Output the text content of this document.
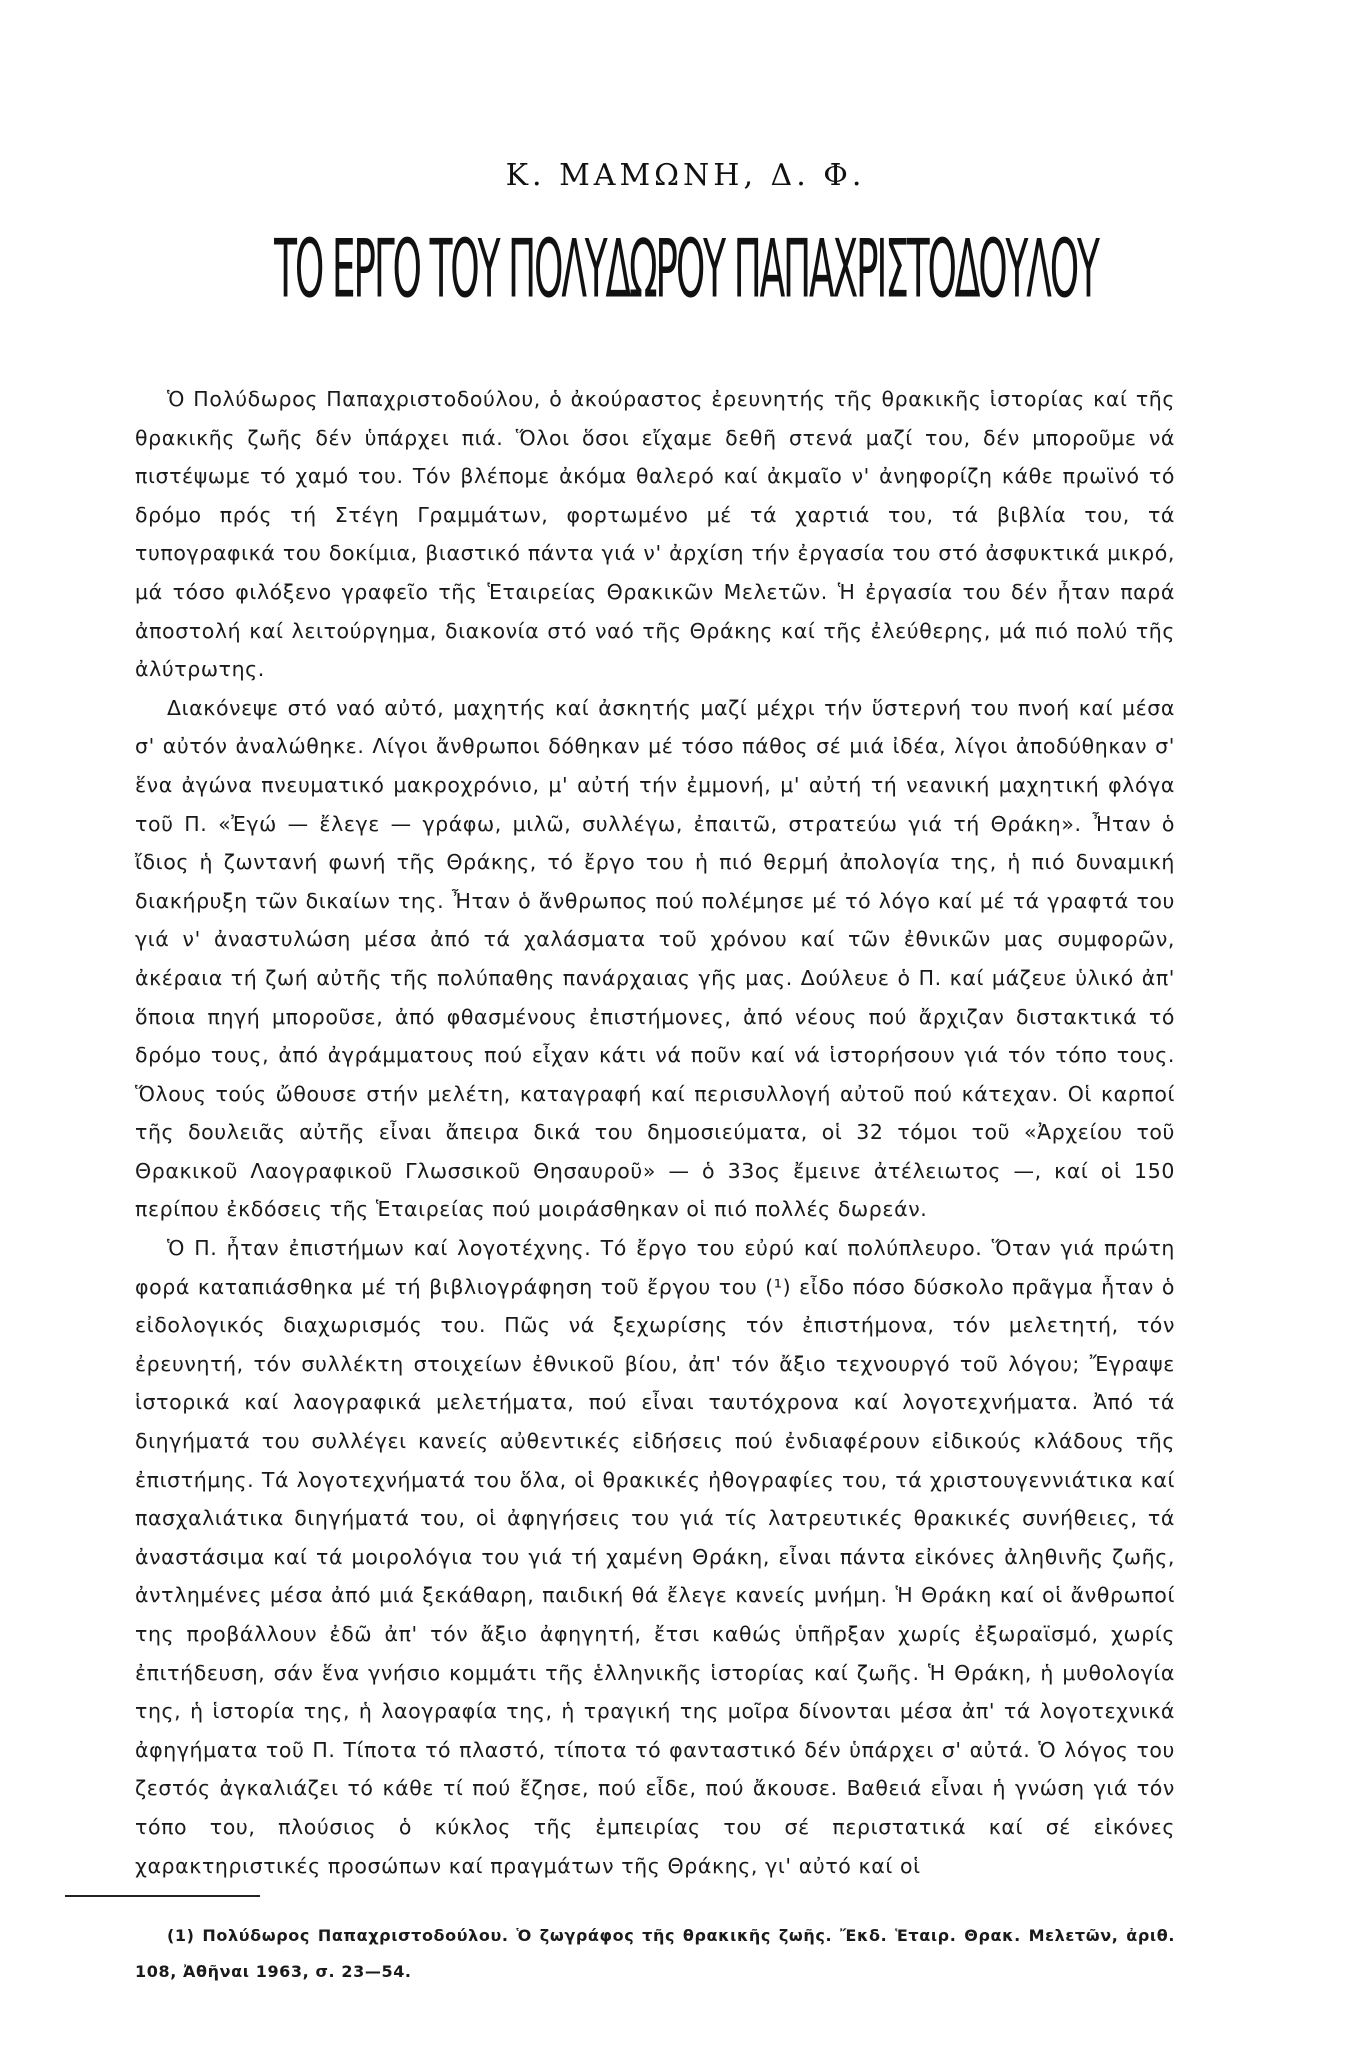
Κ. ΜΑΜΩΝΗ, Δ. Φ.
ΤΟ ΕΡΓΟ ΤΟΥ ΠΟΛΥΔΩΡΟΥ ΠΑΠΑΧΡΙΣΤΟΔΟΥΛΟΥ

Ὁ Πολύδωρος Παπαχριστοδούλου, ὁ ἀκούραστος ἐρευνητής τῆς θρακικῆς ἱστορίας καί τῆς θρακικῆς ζωῆς δέν ὑπάρχει πιά. Ὅλοι ὅσοι εἴχαμε δεθῆ στενά μαζί του, δέν μποροῦμε νά πιστέψωμε τό χαμό του. Τόν βλέπομε ἀκόμα θαλερό καί ἀκμαῖο ν' ἀνηφορίζη κάθε πρωϊνό τό δρόμο πρός τή Στέγη Γραμμάτων, φορτωμένο μέ τά χαρτιά του, τά βιβλία του, τά τυπογραφικά του δοκίμια, βιαστικό πάντα γιά ν' ἀρχίση τήν ἐργασία του στό ἀσφυκτικά μικρό, μά τόσο φιλόξενο γραφεῖο τῆς Ἑταιρείας Θρακικῶν Μελετῶν. Ἡ ἐργασία του δέν ἦταν παρά ἀποστολή καί λειτούργημα, διακονία στό ναό τῆς Θράκης καί τῆς ἐλεύθερης, μά πιό πολύ τῆς ἀλύτρωτης.

Διακόνεψε στό ναό αὐτό, μαχητής καί ἀσκητής μαζί μέχρι τήν ὕστερνή του πνοή καί μέσα σ' αὐτόν ἀναλώθηκε. Λίγοι ἄνθρωποι δόθηκαν μέ τόσο πάθος σέ μιά ἰδέα, λίγοι ἀποδύθηκαν σ' ἕνα ἀγώνα πνευματικό μακροχρόνιο, μ' αὐτή τήν ἐμμονή, μ' αὐτή τή νεανική μαχητική φλόγα τοῦ Π. «Ἐγώ — ἔλεγε — γράφω, μιλῶ, συλλέγω, ἐπαιτῶ, στρατεύω γιά τή Θράκη». Ἦταν ὁ ἴδιος ἡ ζωντανή φωνή τῆς Θράκης, τό ἔργο του ἡ πιό θερμή ἀπολογία της, ἡ πιό δυναμική διακήρυξη τῶν δικαίων της. Ἦταν ὁ ἄνθρωπος πού πολέμησε μέ τό λόγο καί μέ τά γραφτά του γιά ν' ἀναστυλώση μέσα ἀπό τά χαλάσματα τοῦ χρόνου καί τῶν ἐθνικῶν μας συμφορῶν, ἀκέραια τή ζωή αὐτῆς τῆς πολύπαθης πανάρχαιας γῆς μας. Δούλευε ὁ Π. καί μάζευε ὑλικό ἀπ' ὅποια πηγή μποροῦσε, ἀπό φθασμένους ἐπιστήμονες, ἀπό νέους πού ἄρχιζαν διστακτικά τό δρόμο τους, ἀπό ἀγράμματους πού εἶχαν κάτι νά ποῦν καί νά ἱστορήσουν γιά τόν τόπο τους. Ὅλους τούς ὤθουσε στήν μελέτη, καταγραφή καί περισυλλογή αὐτοῦ πού κάτεχαν. Οἱ καρποί τῆς δουλειᾶς αὐτῆς εἶναι ἄπειρα δικά του δημοσιεύματα, οἱ 32 τόμοι τοῦ «Ἀρχείου τοῦ Θρακικοῦ Λαογραφικοῦ Γλωσσικοῦ Θησαυροῦ» — ὁ 33ος ἔμεινε ἀτέλειωτος —, καί οἱ 150 περίπου ἐκδόσεις τῆς Ἑταιρείας πού μοιράσθηκαν οἱ πιό πολλές δωρεάν.

Ὁ Π. ἦταν ἐπιστήμων καί λογοτέχνης. Τό ἔργο του εὐρύ καί πολύπλευρο. Ὅταν γιά πρώτη φορά καταπιάσθηκα μέ τή βιβλιογράφηση τοῦ ἔργου του (¹) εἶδο πόσο δύσκολο πρᾶγμα ἦταν ὁ εἰδολογικός διαχωρισμός του. Πῶς νά ξεχωρίσης τόν ἐπιστήμονα, τόν μελετητή, τόν ἐρευνητή, τόν συλλέκτη στοιχείων ἐθνικοῦ βίου, ἀπ' τόν ἄξιο τεχνουργό τοῦ λόγου; Ἔγραψε ἱστορικά καί λαογραφικά μελετήματα, πού εἶναι ταυτόχρονα καί λογοτεχνήματα. Ἀπό τά διηγήματά του συλλέγει κανείς αὐθεντικές εἰδήσεις πού ἐνδιαφέρουν εἰδικούς κλάδους τῆς ἐπιστήμης. Τά λογοτεχνήματά του ὅλα, οἱ θρακικές ἠθογραφίες του, τά χριστουγεννιάτικα καί πασχαλιάτικα διηγήματά του, οἱ ἀφηγήσεις του γιά τίς λατρευτικές θρακικές συνήθειες, τά ἀναστάσιμα καί τά μοιρολόγια του γιά τή χαμένη Θράκη, εἶναι πάντα εἰκόνες ἀληθινῆς ζωῆς, ἀντλημένες μέσα ἀπό μιά ξεκάθαρη, παιδική θά ἔλεγε κανείς μνήμη. Ἡ Θράκη καί οἱ ἄνθρωποί της προβάλλουν ἐδῶ ἀπ' τόν ἄξιο ἀφηγητή, ἔτσι καθώς ὑπῆρξαν χωρίς ἐξωραϊσμό, χωρίς ἐπιτήδευση, σάν ἕνα γνήσιο κομμάτι τῆς ἑλληνικῆς ἱστορίας καί ζωῆς. Ἡ Θράκη, ἡ μυθολογία της, ἡ ἱστορία της, ἡ λαογραφία της, ἡ τραγική της μοῖρα δίνονται μέσα ἀπ' τά λογοτεχνικά ἀφηγήματα τοῦ Π. Τίποτα τό πλαστό, τίποτα τό φανταστικό δέν ὑπάρχει σ' αὐτά. Ὁ λόγος του ζεστός ἀγκαλιάζει τό κάθε τί πού ἔζησε, πού εἶδε, πού ἄκουσε. Βαθειά εἶναι ἡ γνώση γιά τόν τόπο του, πλούσιος ὁ κύκλος τῆς ἐμπειρίας του σέ περιστατικά καί σέ εἰκόνες χαρακτηριστικές προσώπων καί πραγμάτων τῆς Θράκης, γι' αὐτό καί οἱ

(1) Πολύδωρος Παπαχριστοδούλου. Ὁ ζωγράφος τῆς θρακικῆς ζωῆς. Ἔκδ. Ἑταιρ. Θρακ. Μελετῶν, ἀριθ. 108, Ἀθῆναι 1963, σ. 23—54.
